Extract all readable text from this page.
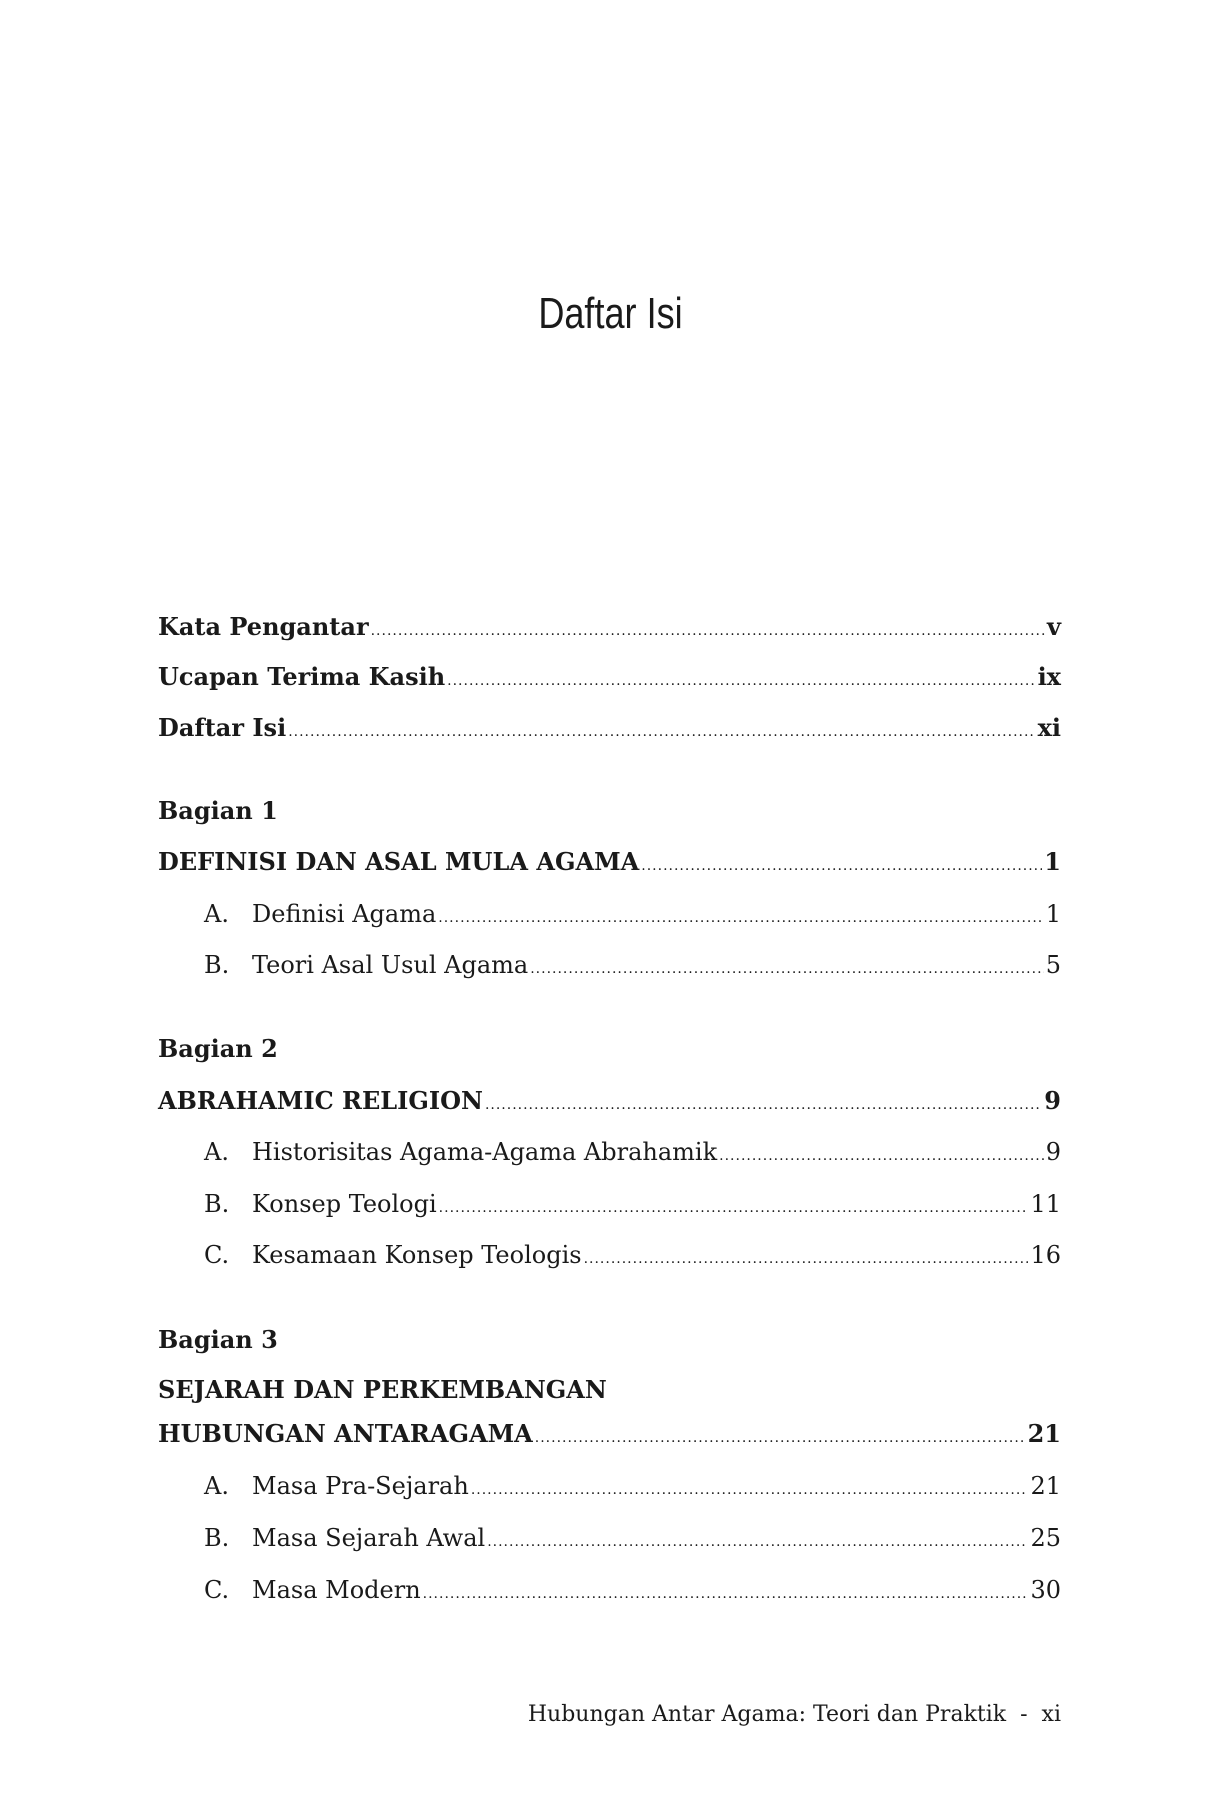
Daftar Isi
Kata Pengantar .....	v
Ucapan Terima Kasih .....	ix
Daftar Isi .....	xi
Bagian 1
DEFINISI DAN ASAL MULA AGAMA .....	1
A. Definisi Agama .....	1
B. Teori Asal Usul Agama .....	5
Bagian 2
ABRAHAMIC RELIGION .....	9
A. Historisitas Agama-Agama Abrahamik .....	9
B. Konsep Teologi .....	11
C. Kesamaan Konsep Teologis .....	16
Bagian 3
SEJARAH DAN PERKEMBANGAN
HUBUNGAN ANTARAGAMA .....	21
A. Masa Pra-Sejarah .....	21
B. Masa Sejarah Awal .....	25
C. Masa Modern .....	30
Hubungan Antar Agama: Teori dan Praktik - xi
